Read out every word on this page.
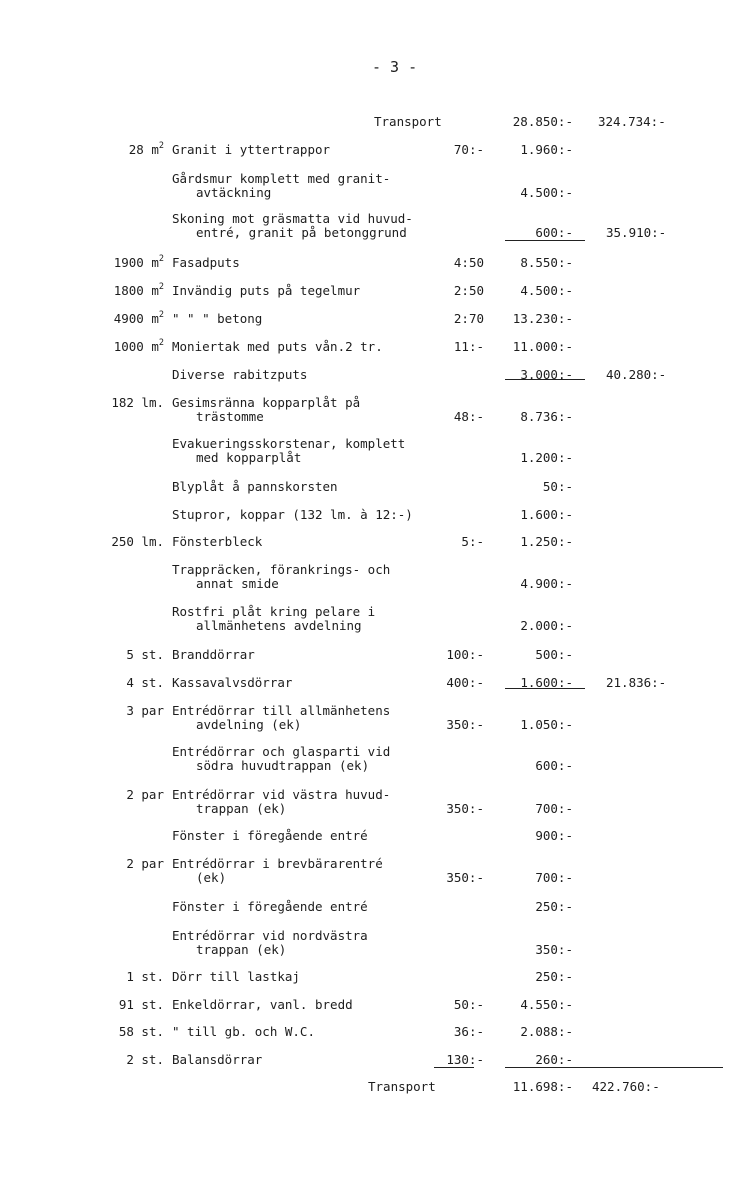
- 3 -
Transport	28.850:- 324.734:-
28 $m^2$ Granit i yttertrappor	70:-	1.960:-
Gårdsmur komplett med granit-
avtäckning	4.500:-
Skoning mot gräsmatta vid huvud-
entré, granit på betonggrund	600:-	35.910:-
1900 $m^2$ Fasadputs	4:50	8.550:-
1800 $m^2$ Invändig puts på tegelmur	2:50	4.500:-
4900 $m^2$ " " " betong	2:70 13.230:-
1000 $m^2$ Moniertak med puts vån.2 tr.	11:- 11.000:-
Diverse rabitzputs	3.000:-	40.280:-
182 lm. Gesimsränna kopparplåt på
trästomme	48:-	8.736:-
Evakueringsskorstenar, komplett
med kopparplåt	1.200:-
Blyplåt å pannskorsten	50:-
Stupror, koppar (132 lm. à 12:-)	1.600:-
250 lm. Fönsterbleck	5:-	1.250:-
Trappräcken, förankrings- och
annat smide	4.900:-
Rostfri plåt kring pelare i
allmänhetens avdelning	2.000:-
5 st. Branddörrar	100:-	500:-
4 st. Kassavalvsdörrar	400:-	1.600:-	21.836:-
3 par Entrédörrar till allmänhetens
avdelning (ek)	350:-	1.050:-
Entrédörrar och glasparti vid
södra huvudtrappan (ek)	600:-
2 par Entrédörrar vid västra huvud-
trappan (ek)	350:-	700:-
Fönster i föregående entré	900:-
2 par Entrédörrar i brevbärarentré
(ek)	350:-	700:-
Fönster i föregående entré	250:-
Entrédörrar vid nordvästra
trappan (ek)	350:-
1 st. Dörr till lastkaj	250:-
91 st. Enkeldörrar, vanl. bredd	50:-	4.550:-
58 st. " till gb. och W.C.	36:-	2.088:-
2 st. Balansdörrar	130:-	260:-
Transport	11.698:- 422.760:-
